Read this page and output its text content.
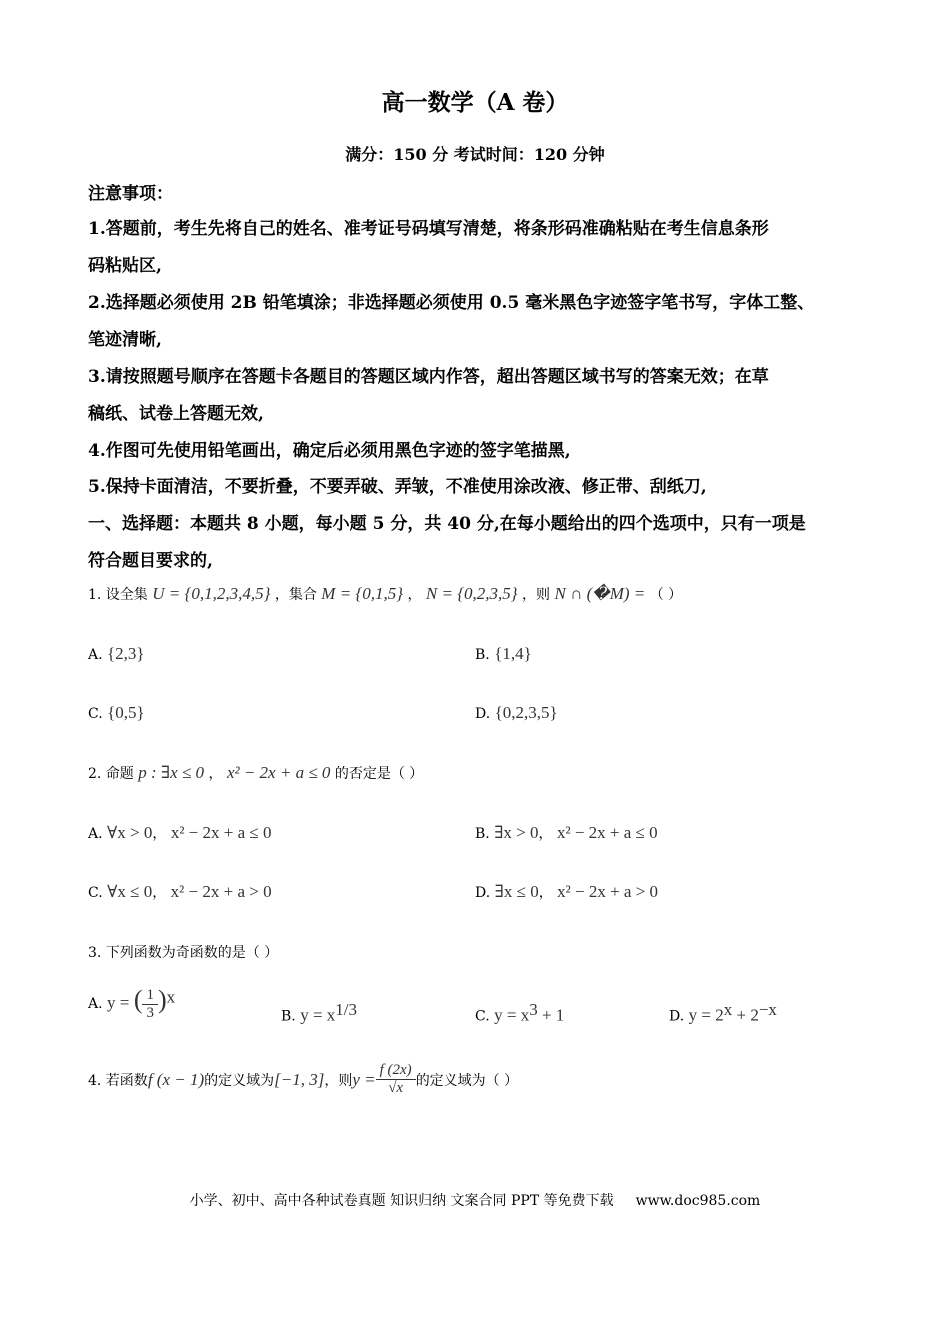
高一数学（A 卷）
满分：150 分 考试时间：120 分钟
注意事项：
1.答题前，考生先将自己的姓名、准考证号码填写清楚，将条形码准确粘贴在考生信息条形
码粘贴区,
2.选择题必须使用 2B 铅笔填涂；非选择题必须使用 0.5 毫米黑色字迹签字笔书写，字体工整、
笔迹清晰,
3.请按照题号顺序在答题卡各题目的答题区域内作答，超出答题区域书写的答案无效；在草
稿纸、试卷上答题无效,
4.作图可先使用铅笔画出，确定后必须用黑色字迹的签字笔描黑,
5.保持卡面清洁，不要折叠，不要弄破、弄皱，不准使用涂改液、修正带、刮纸刀,
一、选择题：本题共 8 小题，每小题 5 分，共 40 分,在每小题给出的四个选项中，只有一项是
符合题目要求的,
1. 设全集 U = {0,1,2,3,4,5} ，集合 M = {0,1,5} ， N = {0,2,3,5} ，则 N ∩ (�M) = （ ）
A. {2,3}	B. {1,4}
C. {0,5}	D. {0,2,3,5}
2. 命题 p : ∃x ≤ 0 ， x² − 2x + a ≤ 0 的否定是（ ）
A. ∀x > 0， x² − 2x + a ≤ 0	B. ∃x > 0， x² − 2x + a ≤ 0
C. ∀x ≤ 0， x² − 2x + a > 0	D. ∃x ≤ 0， x² − 2x + a > 0
3. 下列函数为奇函数的是（ ）
A. y = ( $\frac{1}{3} )^x$
B. $y = x^{1/3}$	C. $y = x^3 + 1$	D. $y = 2^x + 2^{-x}$
4. 若函数 f (x − 1) 的定义域为 [−1, 3] ，则 $y = \frac{f (2x)}{√x}$ 的定义域为（ ）
小学、初中、高中各种试卷真题 知识归纳 文案合同 PPT 等免费下载 www.doc985.com
